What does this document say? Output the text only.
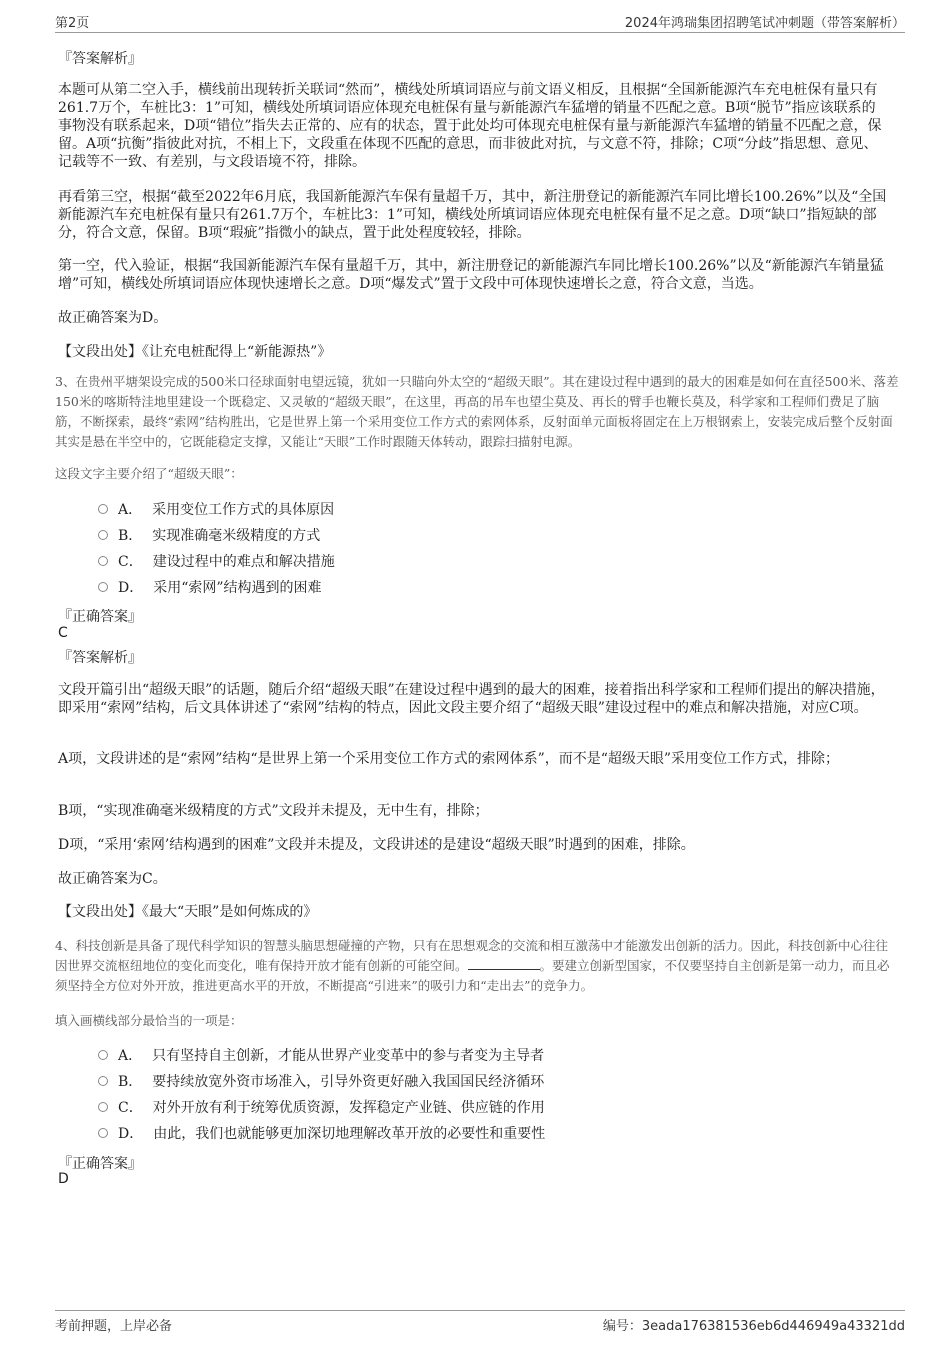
第2页	2024年鸿瑞集团招聘笔试冲刺题（带答案解析）
『答案解析』

本题可从第二空入手，横线前出现转折关联词“然而”，横线处所填词语应与前文语义相反，且根据“全国新能源汽车充电桩保有量只有261.7万个，车桩比3：1”可知，横线处所填词语应体现充电桩保有量与新能源汽车猛增的销量不匹配之意。B项“脱节”指应该联系的事物没有联系起来，D项“错位”指失去正常的、应有的状态，置于此处均可体现充电桩保有量与新能源汽车猛增的销量不匹配之意，保留。A项“抗衡”指彼此对抗，不相上下，文段重在体现不匹配的意思，而非彼此对抗，与文意不符，排除；C项“分歧”指思想、意见、记载等不一致、有差别，与文段语境不符，排除。

再看第三空，根据“截至2022年6月底，我国新能源汽车保有量超千万，其中，新注册登记的新能源汽车同比增长100.26%”以及“全国新能源汽车充电桩保有量只有261.7万个，车桩比3：1”可知，横线处所填词语应体现充电桩保有量不足之意。D项“缺口”指短缺的部分，符合文意，保留。B项“瑕疵”指微小的缺点，置于此处程度较轻，排除。

第一空，代入验证，根据“我国新能源汽车保有量超千万，其中，新注册登记的新能源汽车同比增长100.26%”以及“新能源汽车销量猛增”可知，横线处所填词语应体现快速增长之意。D项“爆发式”置于文段中可体现快速增长之意，符合文意，当选。

故正确答案为D。

【文段出处】《让充电桩配得上“新能源热”》

3、在贵州平塘架设完成的500米口径球面射电望远镜，犹如一只瞄向外太空的“超级天眼”。其在建设过程中遇到的最大的困难是如何在直径500米、落差150米的喀斯特洼地里建设一个既稳定、又灵敏的“超级天眼”，在这里，再高的吊车也望尘莫及、再长的臂手也鞭长莫及，科学家和工程师们费足了脑筋，不断探索，最终“索网”结构胜出，它是世界上第一个采用变位工作方式的索网体系，反射面单元面板将固定在上万根钢索上，安装完成后整个反射面其实是悬在半空中的，它既能稳定支撑，又能让“天眼”工作时跟随天体转动，跟踪扫描射电源。

这段文字主要介绍了“超级天眼”：

A． 采用变位工作方式的具体原因
B． 实现准确毫米级精度的方式
C． 建设过程中的难点和解决措施
D． 采用“索网”结构遇到的困难
『正确答案』
C
『答案解析』

文段开篇引出“超级天眼”的话题，随后介绍“超级天眼”在建设过程中遇到的最大的困难，接着指出科学家和工程师们提出的解决措施，即采用“索网”结构，后文具体讲述了“索网”结构的特点，因此文段主要介绍了“超级天眼”建设过程中的难点和解决措施，对应C项。

A项，文段讲述的是“索网”结构“是世界上第一个采用变位工作方式的索网体系”，而不是“超级天眼”采用变位工作方式，排除；

B项，“实现准确毫米级精度的方式”文段并未提及，无中生有，排除；

D项，“采用‘索网’结构遇到的困难”文段并未提及，文段讲述的是建设“超级天眼”时遇到的困难，排除。

故正确答案为C。

【文段出处】《最大“天眼”是如何炼成的》

4、科技创新是具备了现代科学知识的智慧头脑思想碰撞的产物，只有在思想观念的交流和相互激荡中才能激发出创新的活力。因此，科技创新中心往往因世界交流枢纽地位的变化而变化，唯有保持开放才能有创新的可能空间。	。要建立创新型国家，不仅要坚持自主创新是第一动力，而且必须坚持全方位对外开放，推进更高水平的开放，不断提高“引进来”的吸引力和“走出去”的竞争力。

填入画横线部分最恰当的一项是：

A． 只有坚持自主创新，才能从世界产业变革中的参与者变为主导者
B． 要持续放宽外资市场准入，引导外资更好融入我国国民经济循环
C． 对外开放有利于统筹优质资源，发挥稳定产业链、供应链的作用
D． 由此，我们也就能够更加深切地理解改革开放的必要性和重要性
『正确答案』
D
考前押题，上岸必备	编号：3eada176381536eb6d446949a43321dd
